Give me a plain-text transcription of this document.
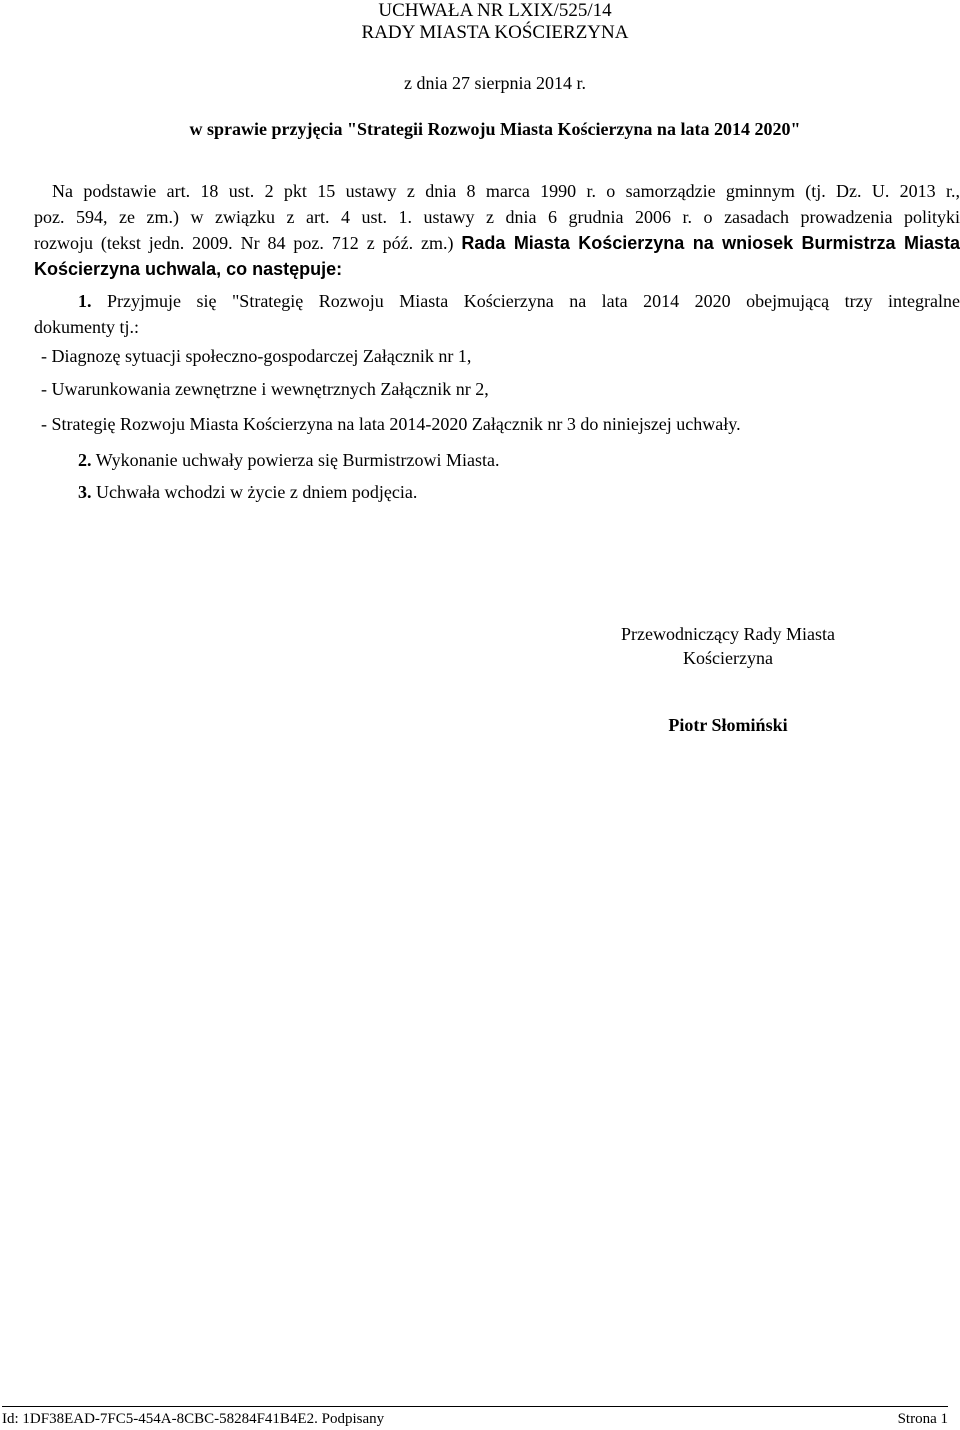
UCHWAŁA NR LXIX/525/14
RADY MIASTA KOŚCIERZYNA
z dnia 27 sierpnia 2014 r.
w sprawie przyjęcia "Strategii Rozwoju Miasta Kościerzyna na lata 2014 2020"
Na podstawie art. 18 ust. 2 pkt 15 ustawy z dnia 8 marca 1990 r. o samorządzie gminnym (tj. Dz. U. 2013 r.,
poz. 594, ze zm.) w związku z art. 4 ust. 1. ustawy z dnia 6 grudnia 2006 r. o zasadach prowadzenia polityki
rozwoju (tekst jedn. 2009. Nr 84 poz. 712 z póź. zm.) Rada Miasta Kościerzyna na wniosek Burmistrza Miasta
Kościerzyna uchwala, co następuje:
1. Przyjmuje się "Strategię Rozwoju Miasta Kościerzyna na lata 2014 2020 obejmującą trzy integralne
dokumenty tj.:
- Diagnozę sytuacji społeczno-gospodarczej Załącznik nr 1,
- Uwarunkowania zewnętrzne i wewnętrznych Załącznik nr 2,
- Strategię Rozwoju Miasta Kościerzyna na lata 2014-2020 Załącznik nr 3 do niniejszej uchwały.
2. Wykonanie uchwały powierza się Burmistrzowi Miasta.
3. Uchwała wchodzi w życie z dniem podjęcia.
Przewodniczący Rady Miasta
Kościerzyna
Piotr Słomiński
Id: 1DF38EAD-7FC5-454A-8CBC-58284F41B4E2. Podpisany	Strona 1
